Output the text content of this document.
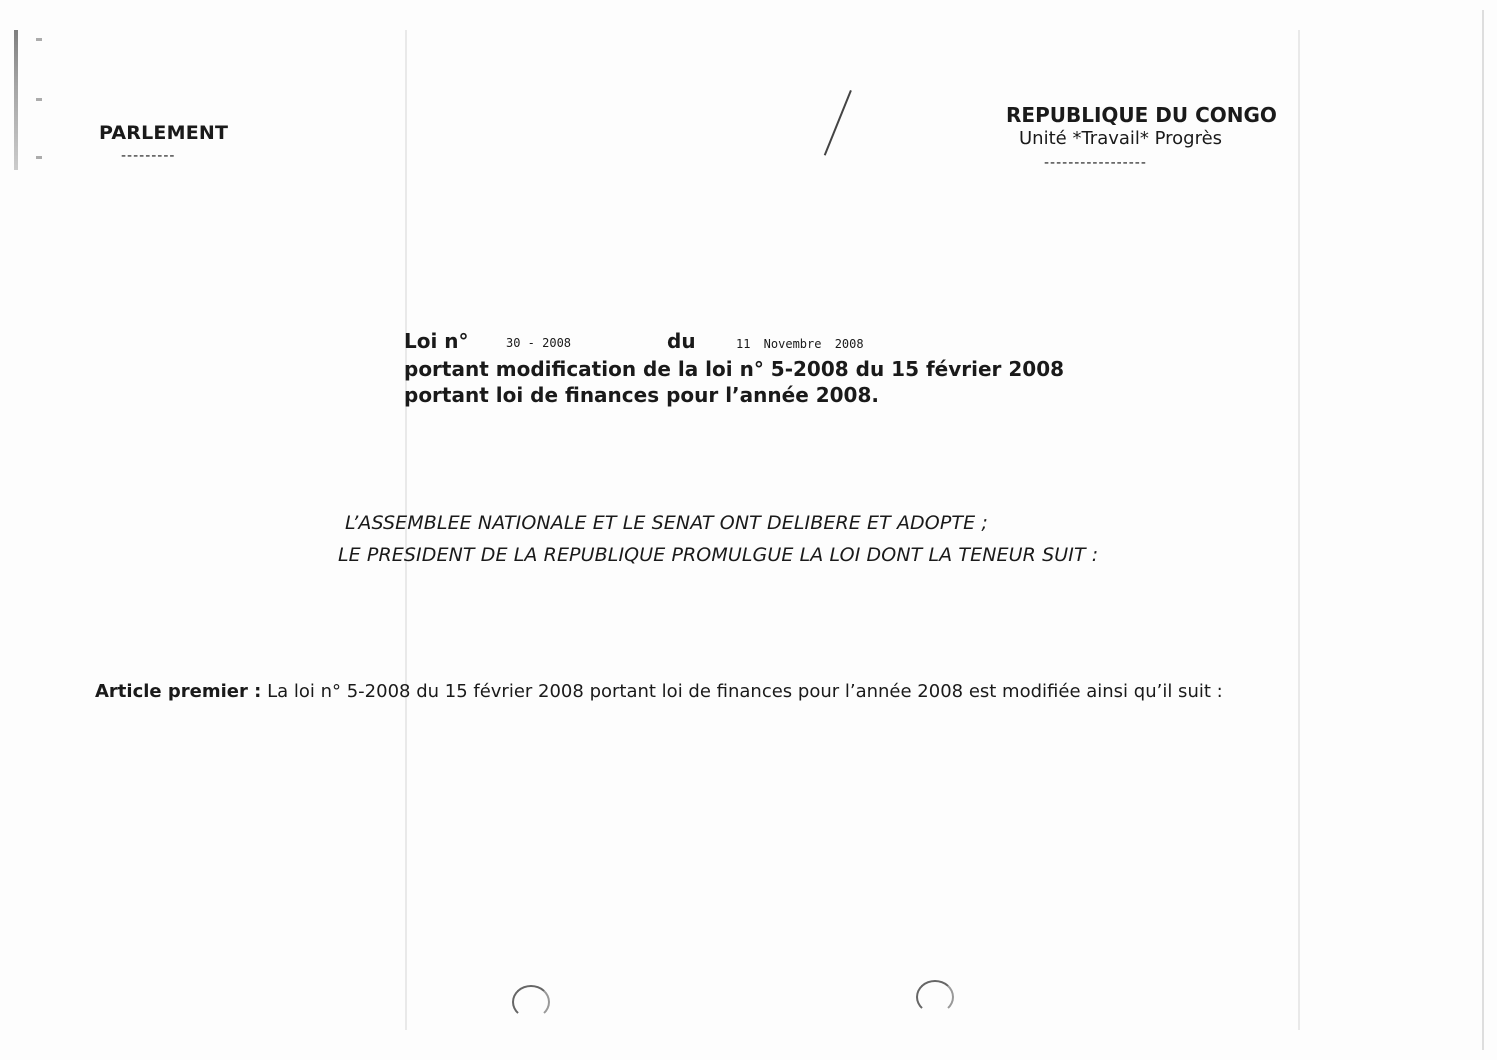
PARLEMENT
---------
REPUBLIQUE DU CONGO
Unité *Travail* Progrès
-----------------
Loi n°	30 - 2008	du	11 Novembre 2008
portant modification de la loi n° 5-2008 du 15 février 2008
portant loi de finances pour l’année 2008.
L’ASSEMBLEE NATIONALE ET LE SENAT ONT DELIBERE ET ADOPTE ;
LE PRESIDENT DE LA REPUBLIQUE PROMULGUE LA LOI DONT LA TENEUR SUIT :
Article premier : La loi n° 5-2008 du 15 février 2008 portant loi de finances pour l’année 2008 est modifiée ainsi qu’il suit :
